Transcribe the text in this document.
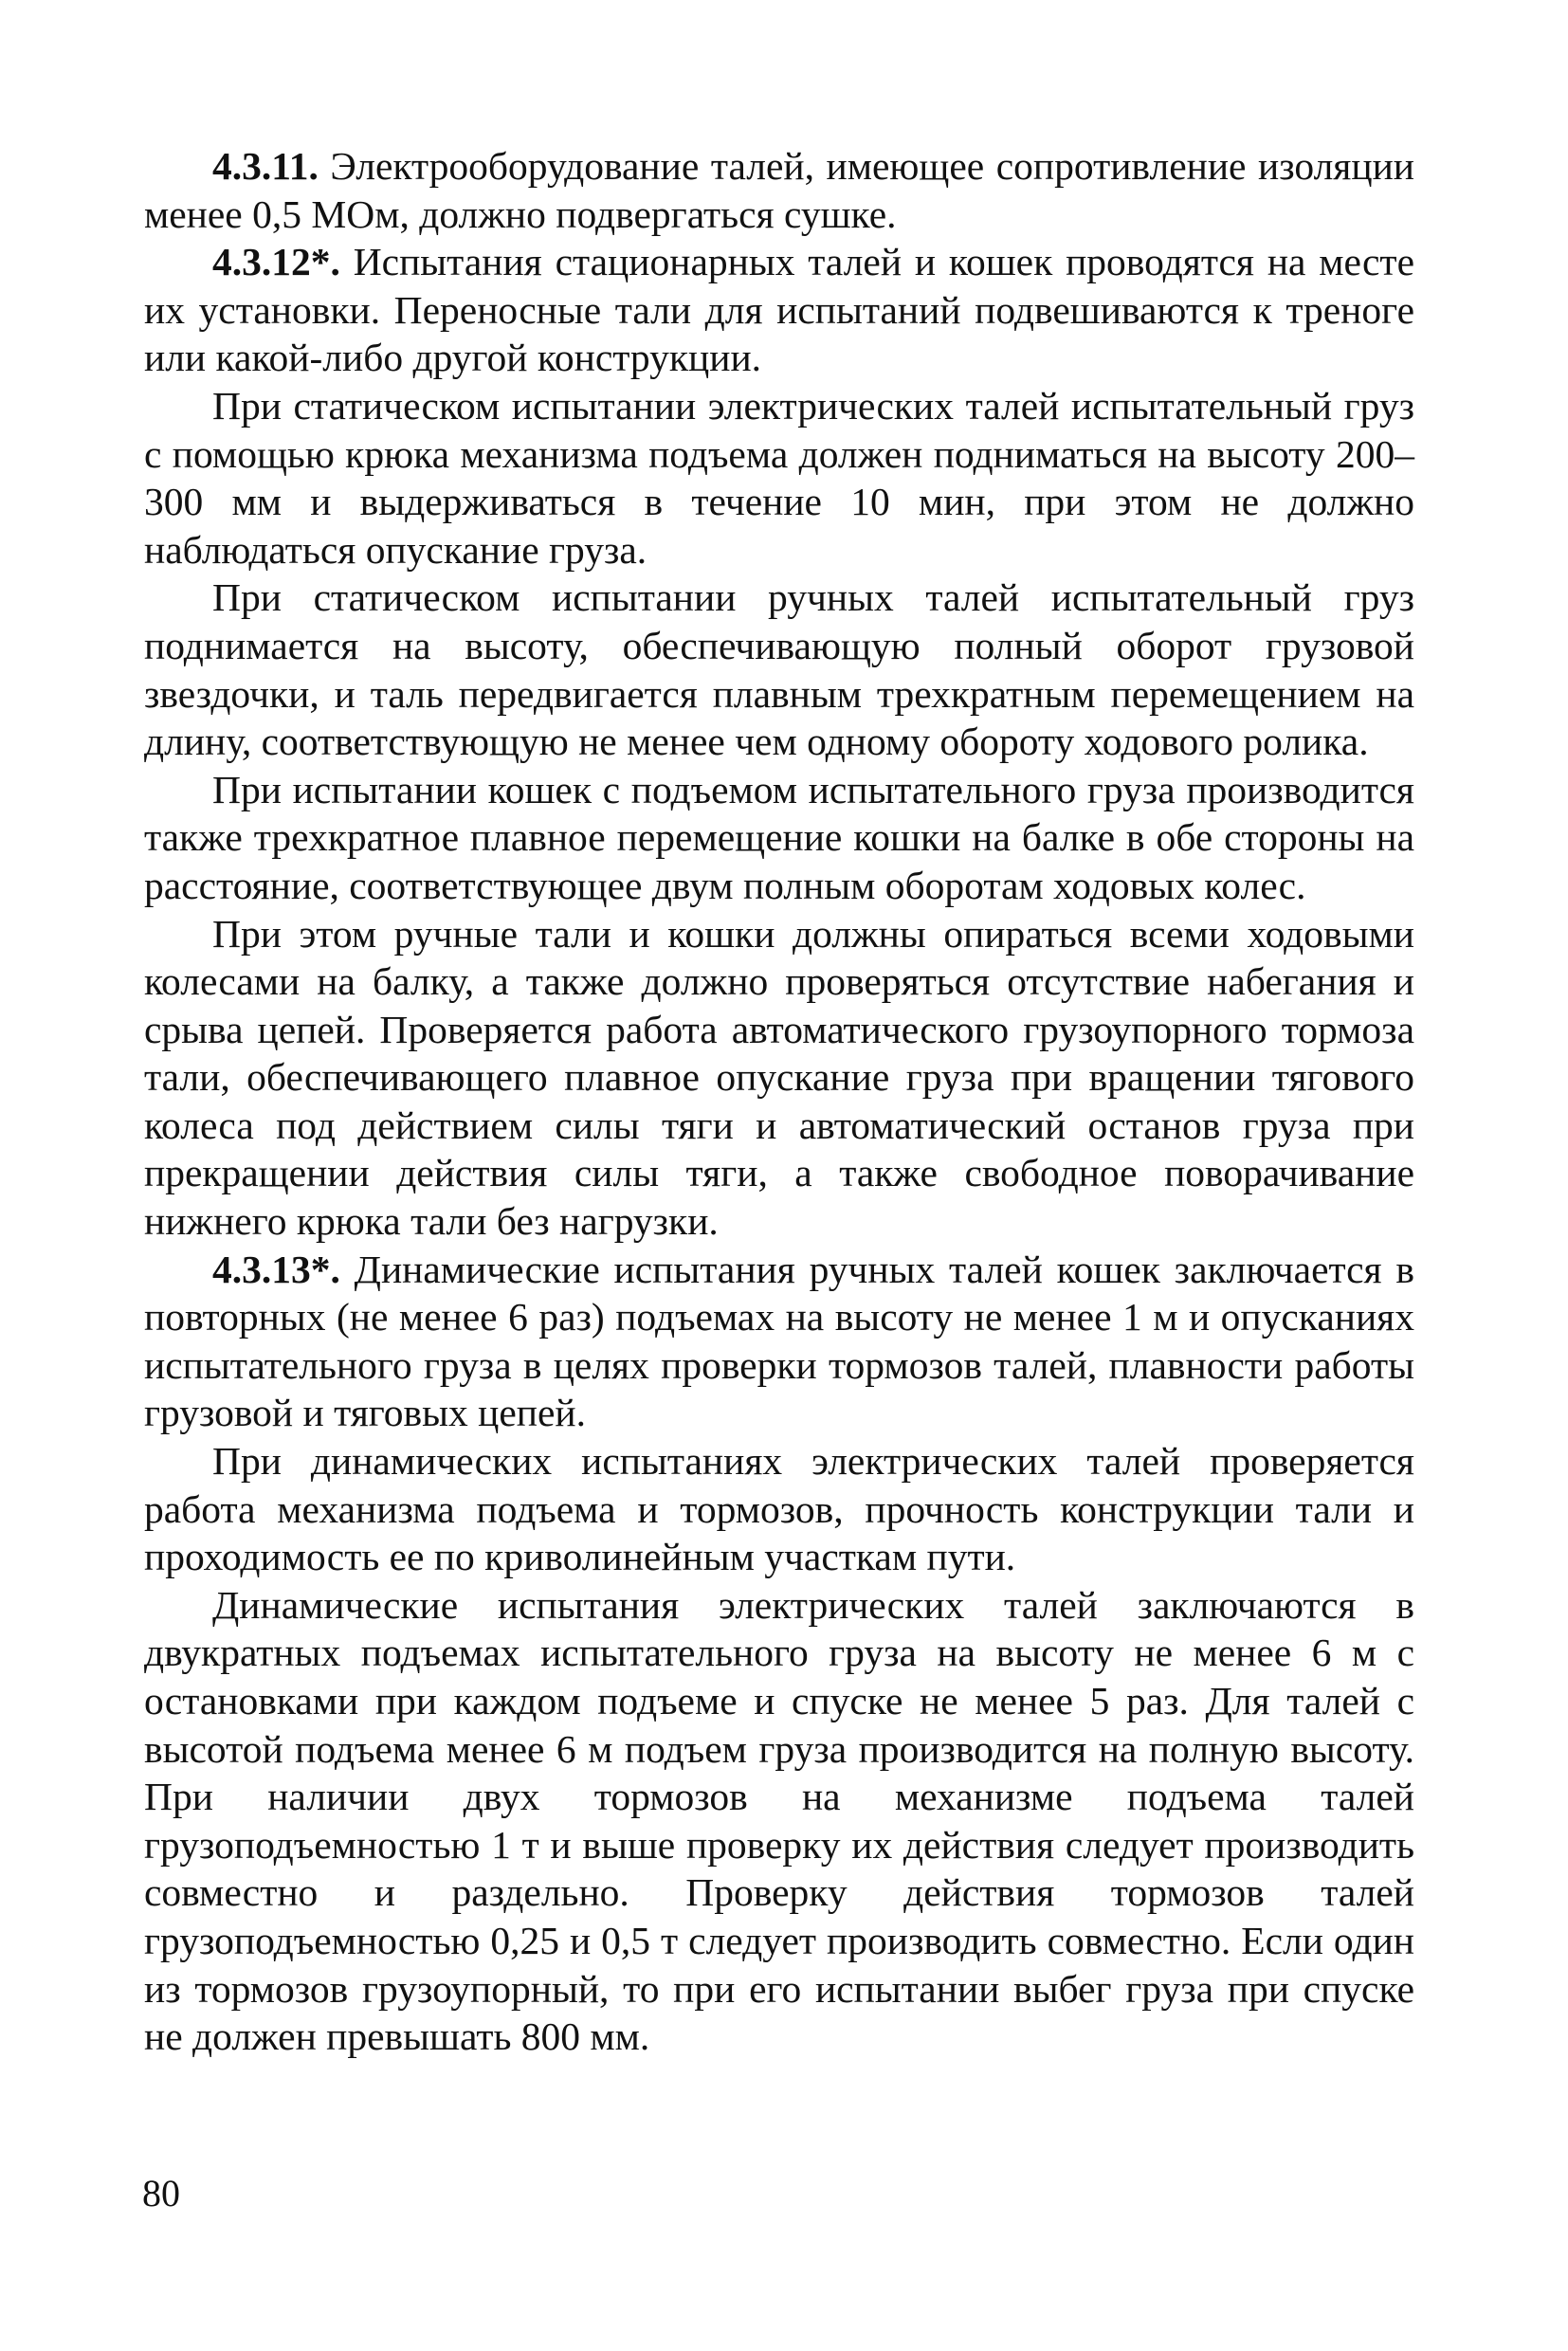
4.3.11. Электрооборудование талей, имеющее сопротивление изоляции менее 0,5 МОм, должно подвергаться сушке.

4.3.12*. Испытания стационарных талей и кошек проводятся на месте их установки. Переносные тали для испытаний подвешиваются к треноге или какой-либо другой конструкции.

При статическом испытании электрических талей испытательный груз с помощью крюка механизма подъема должен подниматься на высоту 200–300 мм и выдерживаться в течение 10 мин, при этом не должно наблюдаться опускание груза.

При статическом испытании ручных талей испытательный груз поднимается на высоту, обеспечивающую полный оборот грузовой звездочки, и таль передвигается плавным трехкратным перемещением на длину, соответствующую не менее чем одному обороту ходового ролика.

При испытании кошек с подъемом испытательного груза производится также трехкратное плавное перемещение кошки на балке в обе стороны на расстояние, соответствующее двум полным оборотам ходовых колес.

При этом ручные тали и кошки должны опираться всеми ходовыми колесами на балку, а также должно проверяться отсутствие набегания и срыва цепей. Проверяется работа автоматического грузоупорного тормоза тали, обеспечивающего плавное опускание груза при вращении тягового колеса под действием силы тяги и автоматический останов груза при прекращении действия силы тяги, а также свободное поворачивание нижнего крюка тали без нагрузки.

4.3.13*. Динамические испытания ручных талей кошек заключается в повторных (не менее 6 раз) подъемах на высоту не менее 1 м и опусканиях испытательного груза в целях проверки тормозов талей, плавности работы грузовой и тяговых цепей.

При динамических испытаниях электрических талей проверяется работа механизма подъема и тормозов, прочность конструкции тали и проходимость ее по криволинейным участкам пути.

Динамические испытания электрических талей заключаются в двукратных подъемах испытательного груза на высоту не менее 6 м с остановками при каждом подъеме и спуске не менее 5 раз. Для талей с высотой подъема менее 6 м подъем груза производится на полную высоту. При наличии двух тормозов на механизме подъема талей грузоподъемностью 1 т и выше проверку их действия следует производить совместно и раздельно. Проверку действия тормозов талей грузоподъемностью 0,25 и 0,5 т следует производить совместно. Если один из тормозов грузоупорный, то при его испытании выбег груза при спуске не должен превышать 800 мм.

80
